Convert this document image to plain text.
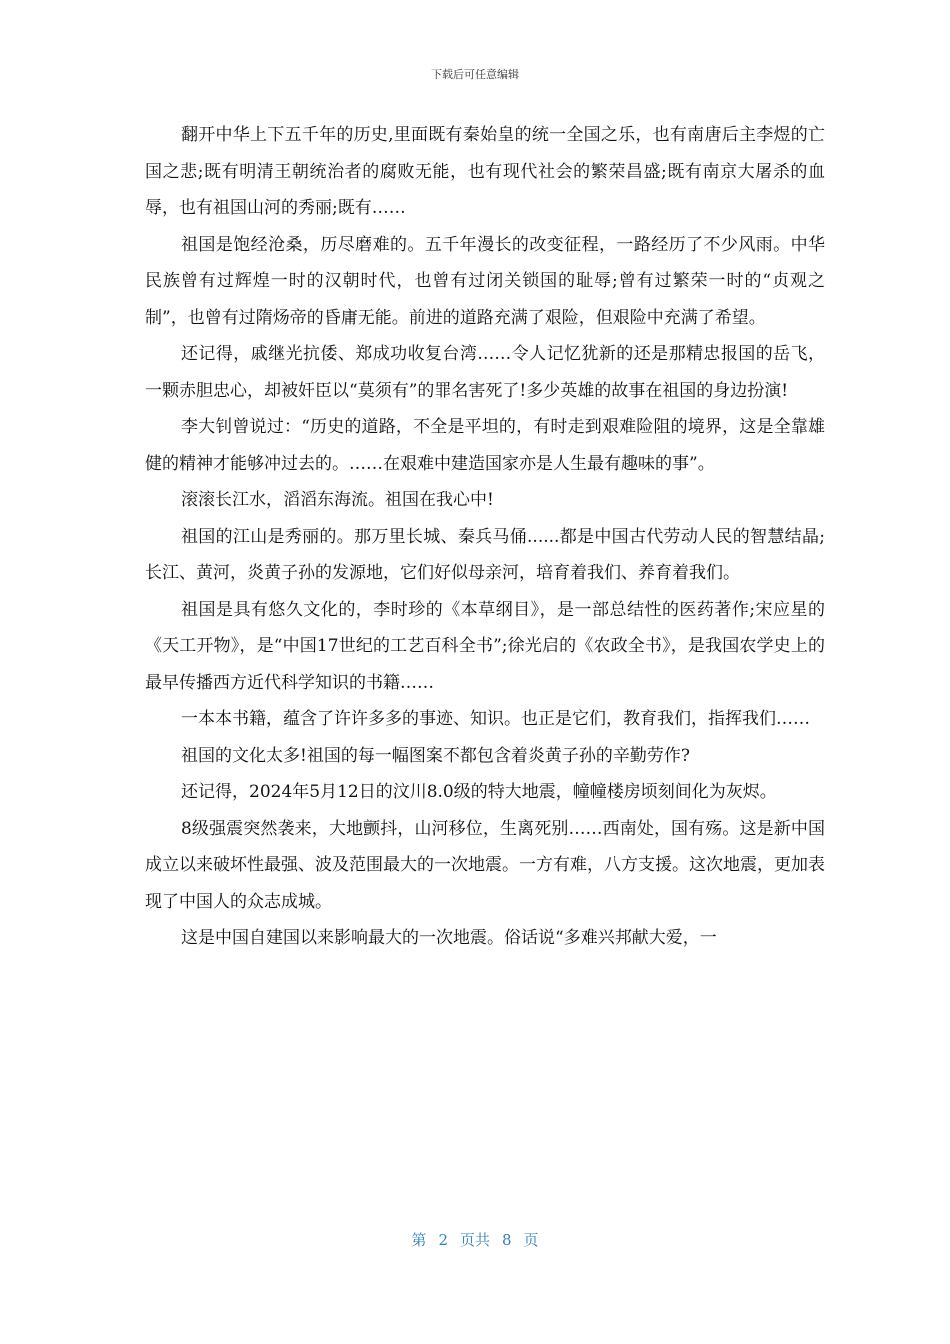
下载后可任意编辑

翻开中华上下五千年的历史,里面既有秦始皇的统一全国之乐，也有南唐后主李煜的亡国之悲;既有明清王朝统治者的腐败无能，也有现代社会的繁荣昌盛;既有南京大屠杀的血辱，也有祖国山河的秀丽;既有……

祖国是饱经沧桑，历尽磨难的。五千年漫长的改变征程，一路经历了不少风雨。中华民族曾有过辉煌一时的汉朝时代，也曾有过闭关锁国的耻辱;曾有过繁荣一时的“贞观之制”，也曾有过隋炀帝的昏庸无能。前进的道路充满了艰险，但艰险中充满了希望。

还记得，戚继光抗倭、郑成功收复台湾……令人记忆犹新的还是那精忠报国的岳飞，一颗赤胆忠心，却被奸臣以“莫须有”的罪名害死了!多少英雄的故事在祖国的身边扮演!

李大钊曾说过：“历史的道路，不全是平坦的，有时走到艰难险阻的境界，这是全靠雄健的精神才能够冲过去的。……在艰难中建造国家亦是人生最有趣味的事”。

滚滚长江水，滔滔东海流。祖国在我心中!

祖国的江山是秀丽的。那万里长城、秦兵马俑......都是中国古代劳动人民的智慧结晶;长江、黄河，炎黄子孙的发源地，它们好似母亲河，培育着我们、养育着我们。

祖国是具有悠久文化的，李时珍的《本草纲目》，是一部总结性的医药著作;宋应星的《天工开物》，是“中国17世纪的工艺百科全书”;徐光启的《农政全书》，是我国农学史上的最早传播西方近代科学知识的书籍……

一本本书籍，蕴含了许许多多的事迹、知识。也正是它们，教育我们，指挥我们……

祖国的文化太多!祖国的每一幅图案不都包含着炎黄子孙的辛勤劳作?

还记得，2024年5月12日的汶川8.0级的特大地震，幢幢楼房顷刻间化为灰烬。

8级强震突然袭来，大地颤抖，山河移位，生离死别……西南处，国有殇。这是新中国成立以来破坏性最强、波及范围最大的一次地震。一方有难，八方支援。这次地震，更加表现了中国人的众志成城。

这是中国自建国以来影响最大的一次地震。俗话说“多难兴邦献大爱，一

第 2 页共 8 页
